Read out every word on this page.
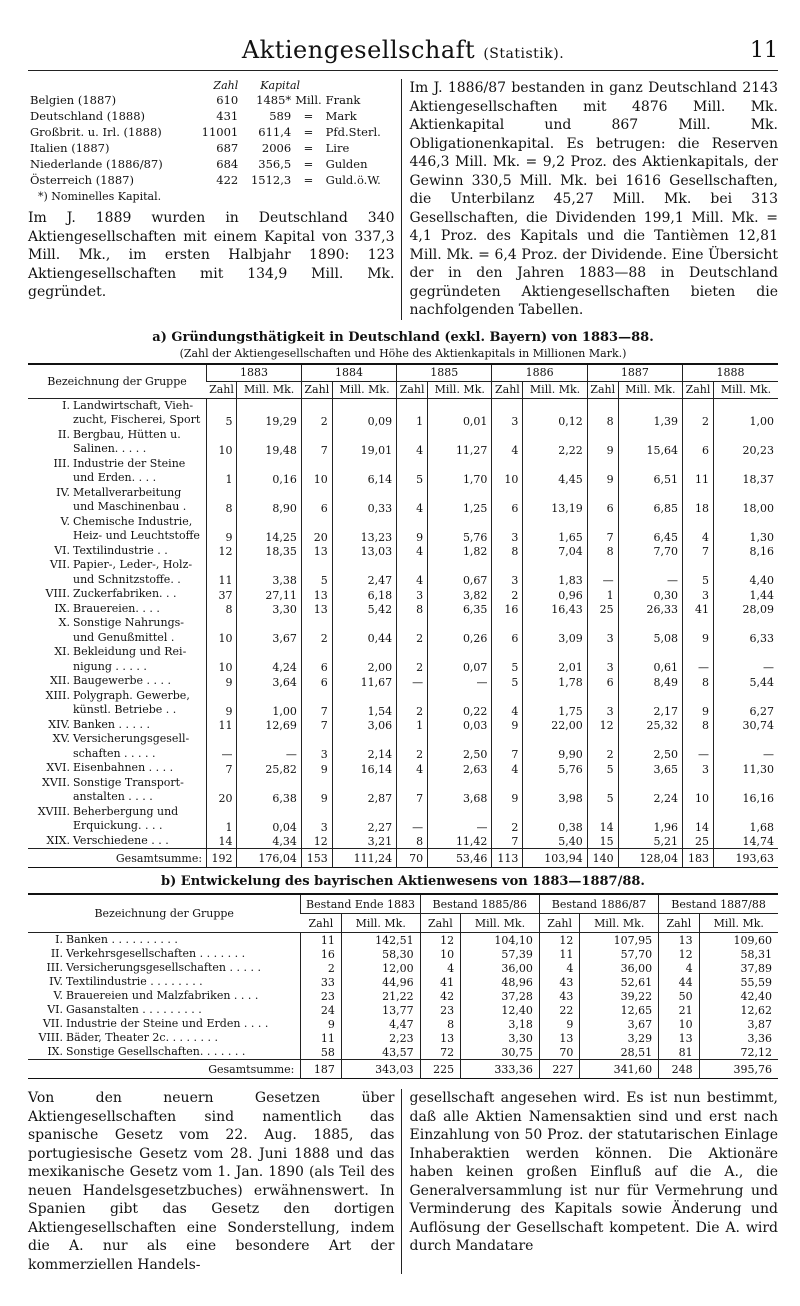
Aktiengesellschaft (Statistik).	11
	Zahl	Kapital		
Belgien (1887)	610	1485*	Mill.	Frank
Deutschland (1888)	431	589	=	Mark
Großbrit. u. Irl. (1888)	11001	611,4	=	Pfd.Sterl.
Italien (1887)	687	2006	=	Lire
Niederlande (1886/87)	684	356,5	=	Gulden
Österreich (1887)	422	1512,3	=	Guld.ö.W.
*) Nominelles Kapital.
Im J. 1889 wurden in Deutschland 340 Aktiengesellschaften mit einem Kapital von 337,3 Mill. Mk., im ersten Halbjahr 1890: 123 Aktiengesellschaften mit 134,9 Mill. Mk. gegründet.
Im J. 1886/87 bestanden in ganz Deutschland 2143 Aktiengesellschaften mit 4876 Mill. Mk. Aktienkapital und 867 Mill. Mk. Obligationenkapital. Es betrugen: die Reserven 446,3 Mill. Mk. = 9,2 Proz. des Aktienkapitals, der Gewinn 330,5 Mill. Mk. bei 1616 Gesellschaften, die Unterbilanz 45,27 Mill. Mk. bei 313 Gesellschaften, die Dividenden 199,1 Mill. Mk. = 4,1 Proz. des Kapitals und die Tantièmen 12,81 Mill. Mk. = 6,4 Proz. der Dividende. Eine Übersicht der in den Jahren 1883—88 in Deutschland gegründeten Aktiengesellschaften bieten die nachfolgenden Tabellen.
a) Gründungsthätigkeit in Deutschland (exkl. Bayern) von 1883—88.
(Zahl der Aktiengesellschaften und Höhe des Aktienkapitals in Millionen Mark.)
Bezeichnung der Gruppe	1883		1884		1885		1886		1887		1888	
	Zahl	Mill. Mk.	Zahl	Mill. Mk.	Zahl	Mill. Mk.	Zahl	Mill. Mk.	Zahl	Mill. Mk.	Zahl	Mill. Mk.

I. Landwirtschaft, Vieh-
zucht, Fischerei, Sport	5	19,29	2	0,09	1	0,01	3	0,12	8	1,39	2	1,00

II. Bergbau, Hütten u.
Salinen. . . . .	10	19,48	7	19,01	4	11,27	4	2,22	9	15,64	6	20,23

III. Industrie der Steine
und Erden. . . .	1	0,16	10	6,14	5	1,70	10	4,45	9	6,51	11	18,37

IV. Metallverarbeitung
und Maschinenbau .	8	8,90	6	0,33	4	1,25	6	13,19	6	6,85	18	18,00

V. Chemische Industrie,
Heiz- und Leuchtstoffe	9	14,25	20	13,23	9	5,76	3	1,65	7	6,45	4	1,30

VI. Textilindustrie . .	12	18,35	13	13,03	4	1,82	8	7,04	8	7,70	7	8,16

VII. Papier-, Leder-, Holz-
und Schnitzstoffe. .	11	3,38	5	2,47	4	0,67	3	1,83	—	—	5	4,40

VIII. Zuckerfabriken. . .	37	27,11	13	6,18	3	3,82	2	0,96	1	0,30	3	1,44

IX. Brauereien. . . .	8	3,30	13	5,42	8	6,35	16	16,43	25	26,33	41	28,09

X. Sonstige Nahrungs-
und Genußmittel .	10	3,67	2	0,44	2	0,26	6	3,09	3	5,08	9	6,33

XI. Bekleidung und Rei-
nigung . . . . .	10	4,24	6	2,00	2	0,07	5	2,01	3	0,61	—	—

XII. Baugewerbe . . . .	9	3,64	6	11,67	—	—	5	1,78	6	8,49	8	5,44

XIII. Polygraph. Gewerbe,
künstl. Betriebe . .	9	1,00	7	1,54	2	0,22	4	1,75	3	2,17	9	6,27

XIV. Banken . . . . .	11	12,69	7	3,06	1	0,03	9	22,00	12	25,32	8	30,74

XV. Versicherungsgesell-
schaften . . . . .	—	—	3	2,14	2	2,50	7	9,90	2	2,50	—	—

XVI. Eisenbahnen . . . .	7	25,82	9	16,14	4	2,63	4	5,76	5	3,65	3	11,30

XVII. Sonstige Transport-
anstalten . . . .	20	6,38	9	2,87	7	3,68	9	3,98	5	2,24	10	16,16

XVIII. Beherbergung und
Erquickung. . . .	1	0,04	3	2,27	—	—	2	0,38	14	1,96	14	1,68

XIX. Verschiedene . . .	14	4,34	12	3,21	8	11,42	7	5,40	15	5,21	25	14,74
Gesamtsumme:	192	176,04	153	111,24	70	53,46	113	103,94	140	128,04	183	193,63
b) Entwickelung des bayrischen Aktienwesens von 1883—1887/88.
Bezeichnung der Gruppe	Bestand Ende 1883		Bestand 1885/86		Bestand 1886/87		Bestand 1887/88	
	Zahl	Mill. Mk.	Zahl	Mill. Mk.	Zahl	Mill. Mk.	Zahl	Mill. Mk.
I. Banken . . . . . . . . . .	11	142,51	12	104,10	12	107,95	13	109,60
II. Verkehrsgesellschaften . . . . . . .	16	58,30	10	57,39	11	57,70	12	58,31
III. Versicherungsgesellschaften . . . . .	2	12,00	4	36,00	4	36,00	4	37,89
IV. Textilindustrie . . . . . . . .	33	44,96	41	48,96	43	52,61	44	55,59
V. Brauereien und Malzfabriken . . . .	23	21,22	42	37,28	43	39,22	50	42,40
VI. Gasanstalten . . . . . . . . .	24	13,77	23	12,40	22	12,65	21	12,62
VII. Industrie der Steine und Erden . . . .	9	4,47	8	3,18	9	3,67	10	3,87
VIII. Bäder, Theater 2c. . . . . . . .	11	2,23	13	3,30	13	3,29	13	3,36
IX. Sonstige Gesellschaften. . . . . . .	58	43,57	72	30,75	70	28,51	81	72,12
Gesamtsumme:	187	343,03	225	333,36	227	341,60	248	395,76
Von den neuern Gesetzen über Aktiengesellschaften sind namentlich das spanische Gesetz vom 22. Aug. 1885, das portugiesische Gesetz vom 28. Juni 1888 und das mexikanische Gesetz vom 1. Jan. 1890 (als Teil des neuen Handelsgesetzbuches) erwähnenswert. In Spanien gibt das Gesetz den dortigen Aktiengesellschaften eine Sonderstellung, indem die A. nur als eine besondere Art der kommerziellen Handels-
gesellschaft angesehen wird. Es ist nun bestimmt, daß alle Aktien Namensaktien sind und erst nach Einzahlung von 50 Proz. der statutarischen Einlage Inhaberaktien werden können. Die Aktionäre haben keinen großen Einfluß auf die A., die Generalversammlung ist nur für Vermehrung und Verminderung des Kapitals sowie Änderung und Auflösung der Gesellschaft kompetent. Die A. wird durch Mandatare
